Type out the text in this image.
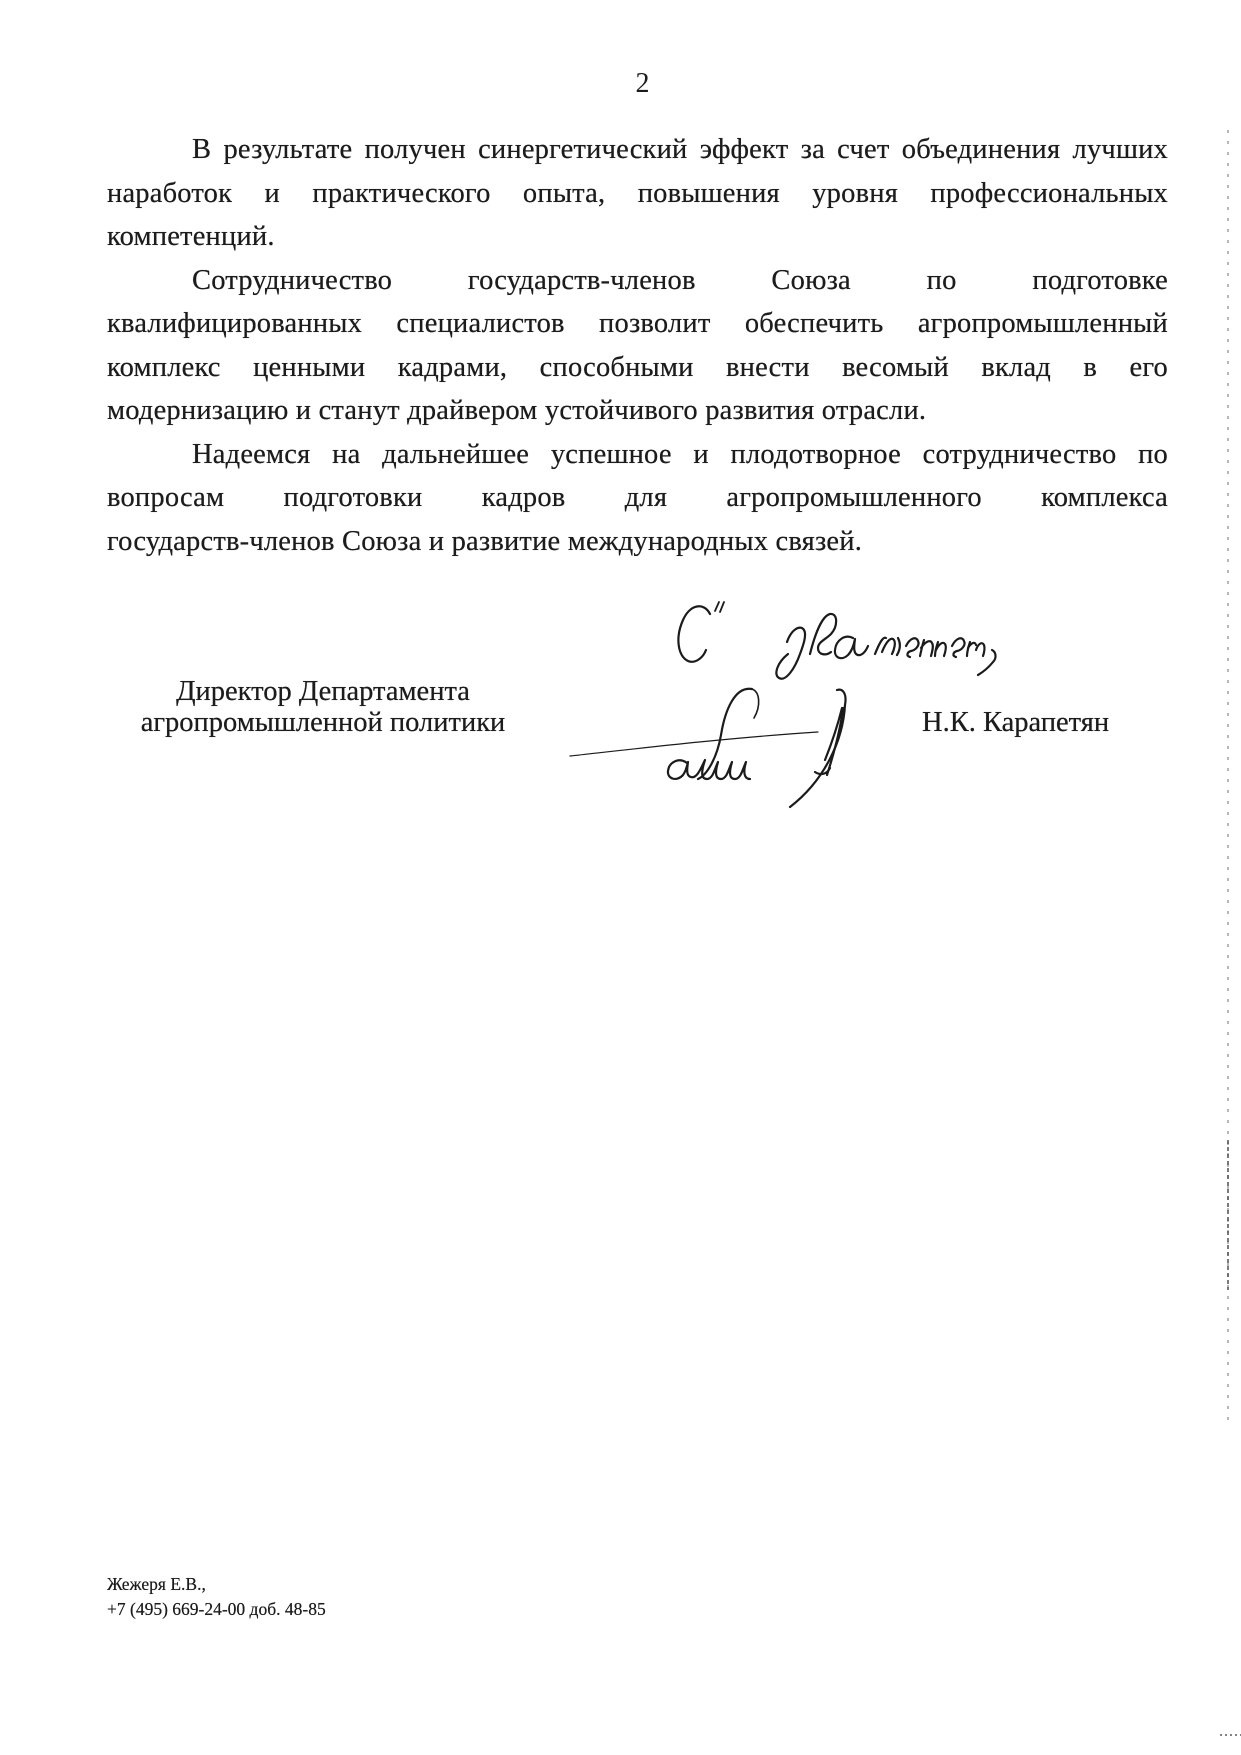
2
В результате получен синергетический эффект за счет объединения лучших
наработок и практического опыта, повышения уровня профессиональных
компетенций.
Сотрудничество государств-членов Союза по подготовке
квалифицированных специалистов позволит обеспечить агропромышленный
комплекс ценными кадрами, способными внести весомый вклад в его
модернизацию и станут драйвером устойчивого развития отрасли.
Надеемся на дальнейшее успешное и плодотворное сотрудничество по
вопросам подготовки кадров для агропромышленного комплекса
государств-членов Союза и развитие международных связей.
Директор Департамента
агропромышленной политики	Н.К. Карапетян
Жежеря Е.В.,
+7 (495) 669-24-00 доб. 48-85
